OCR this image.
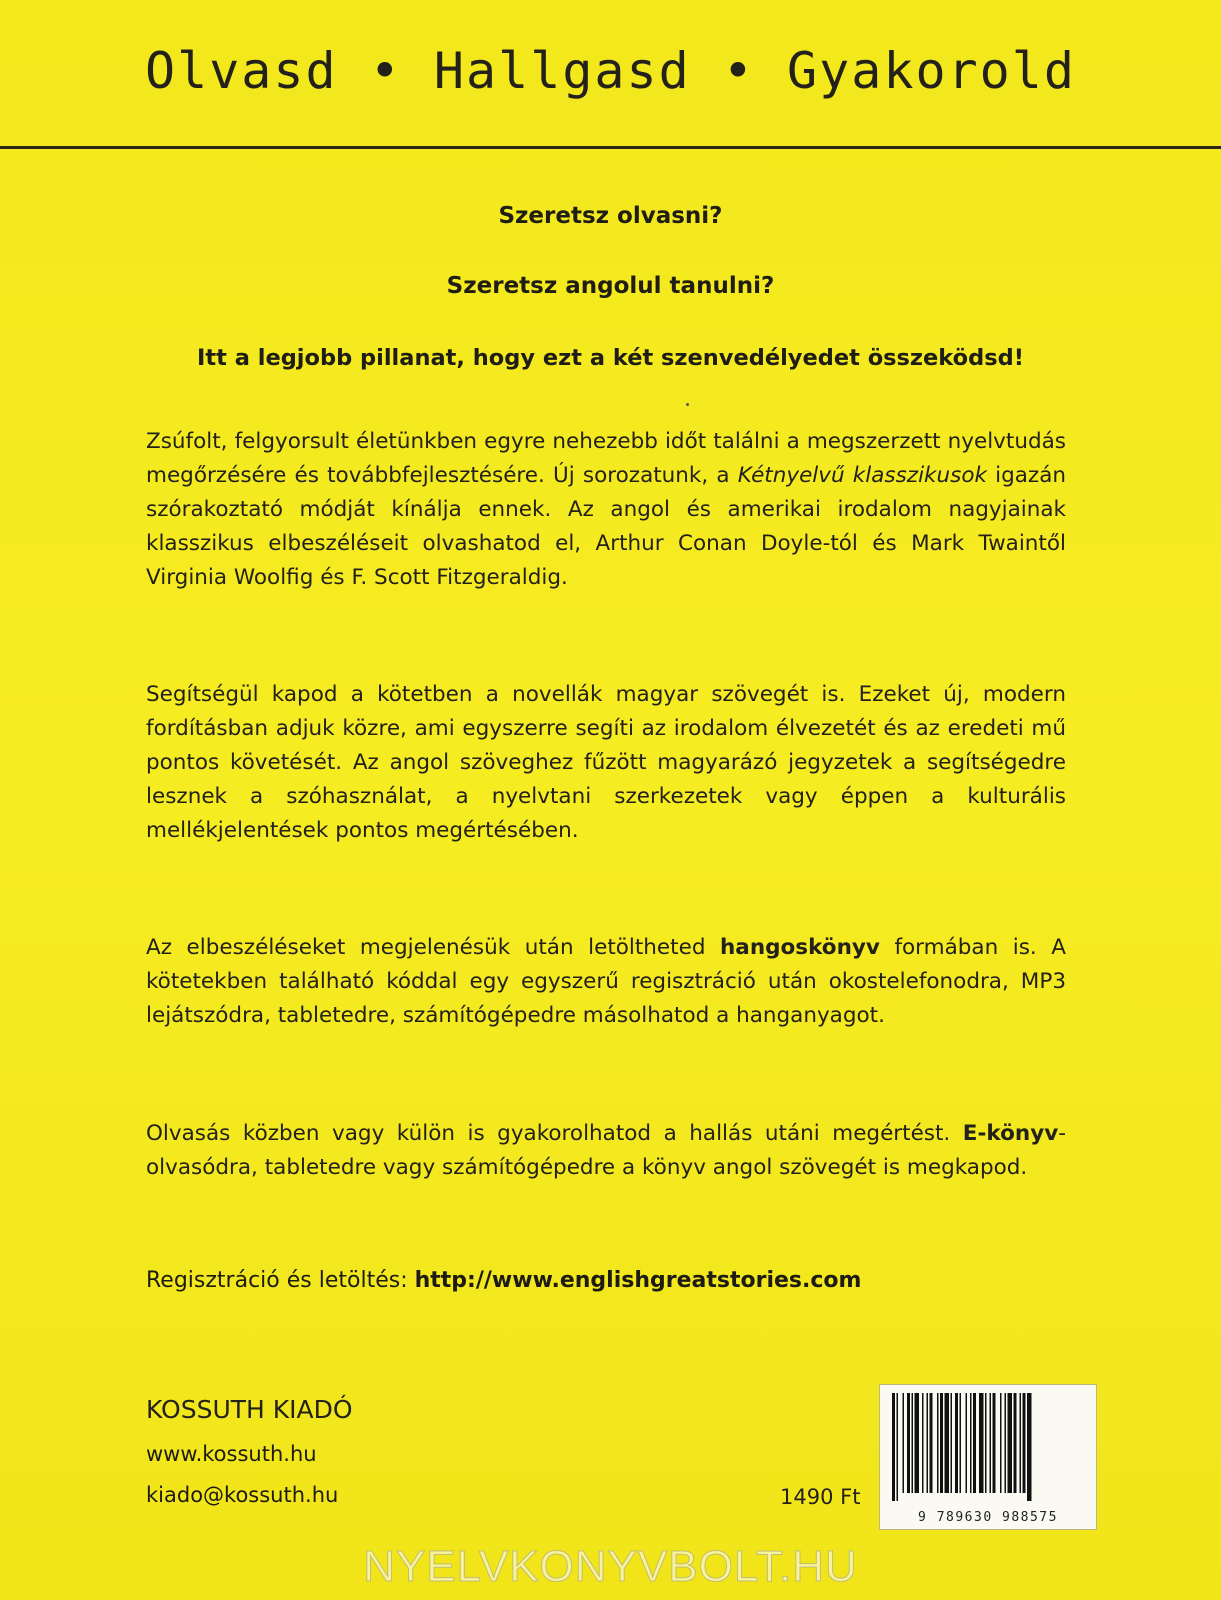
Olvasd • Hallgasd • Gyakorold
Szeretsz olvasni?
Szeretsz angolul tanulni?
Itt a legjobb pillanat, hogy ezt a két szenvedélyedet összeködsd!
Zsúfolt, felgyorsult életünkben egyre nehezebb időt találni a megszerzett nyelvtudás megőrzésére és továbbfejlesztésére. Új sorozatunk, a Kétnyelvű klasszikusok igazán szórakoztató módját kínálja ennek. Az angol és amerikai irodalom nagyjainak klasszikus elbeszéléseit olvashatod el, Arthur Conan Doyle-tól és Mark Twaintől Virginia Woolfig és F. Scott Fitzgeraldig.
Segítségül kapod a kötetben a novellák magyar szövegét is. Ezeket új, modern fordításban adjuk közre, ami egyszerre segíti az irodalom élvezetét és az eredeti mű pontos követését. Az angol szöveghez fűzött magyarázó jegyzetek a segítségedre lesznek a szóhasználat, a nyelvtani szerkezetek vagy éppen a kulturális mellékjelentések pontos megértésében.
Az elbeszéléseket megjelenésük után letöltheted hangoskönyv formában is. A kötetekben található kóddal egy egyszerű regisztráció után okostelefonodra, MP3 lejátszódra, tabletedre, számítógépedre másolhatod a hanganyagot.
Olvasás közben vagy külön is gyakorolhatod a hallás utáni megértést. E-könyv-olvasódra, tabletedre vagy számítógépedre a könyv angol szövegét is megkapod.
Regisztráció és letöltés: http://www.englishgreatstories.com
KOSSUTH KIADÓ
www.kossuth.hu
kiado@kossuth.hu	1490 Ft
9 789630 988575
NYELVKONYVBOLT.HU
